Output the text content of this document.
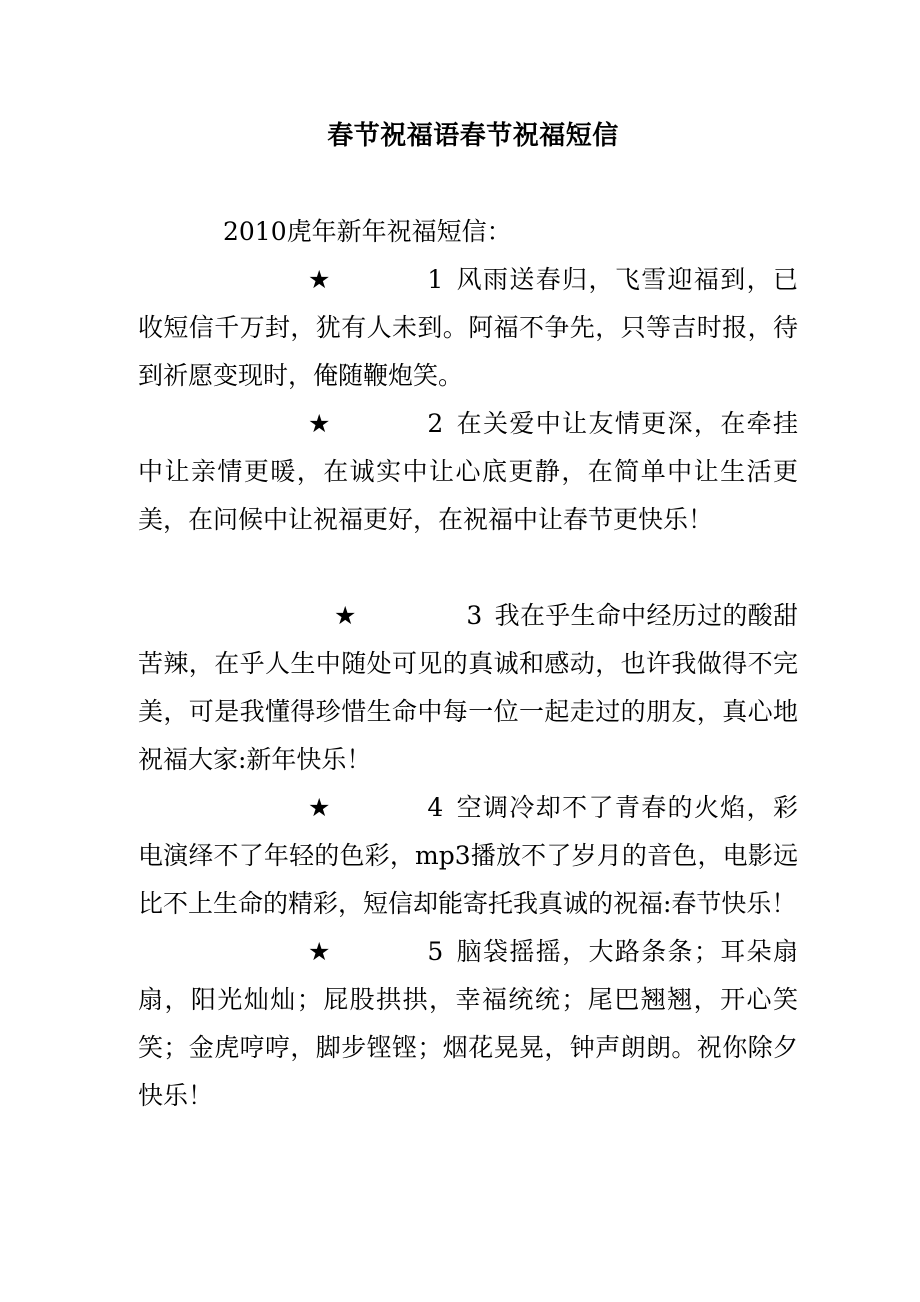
春节祝福语春节祝福短信

2010虎年新年祝福短信：

★	1 风雨送春归，飞雪迎福到，已收短信千万封，犹有人未到。阿福不争先，只等吉时报，待到祈愿变现时，俺随鞭炮笑。

★	2 在关爱中让友情更深，在牵挂中让亲情更暖，在诚实中让心底更静，在简单中让生活更美，在问候中让祝福更好，在祝福中让春节更快乐！

★	3 我在乎生命中经历过的酸甜苦辣，在乎人生中随处可见的真诚和感动，也许我做得不完美，可是我懂得珍惜生命中每一位一起走过的朋友，真心地祝福大家:新年快乐！

★	4 空调冷却不了青春的火焰，彩电演绎不了年轻的色彩，mp3播放不了岁月的音色，电影远比不上生命的精彩，短信却能寄托我真诚的祝福:春节快乐！

★	5 脑袋摇摇，大路条条；耳朵扇扇，阳光灿灿；屁股拱拱，幸福统统；尾巴翘翘，开心笑笑；金虎哼哼，脚步铿铿；烟花晃晃，钟声朗朗。祝你除夕快乐！
